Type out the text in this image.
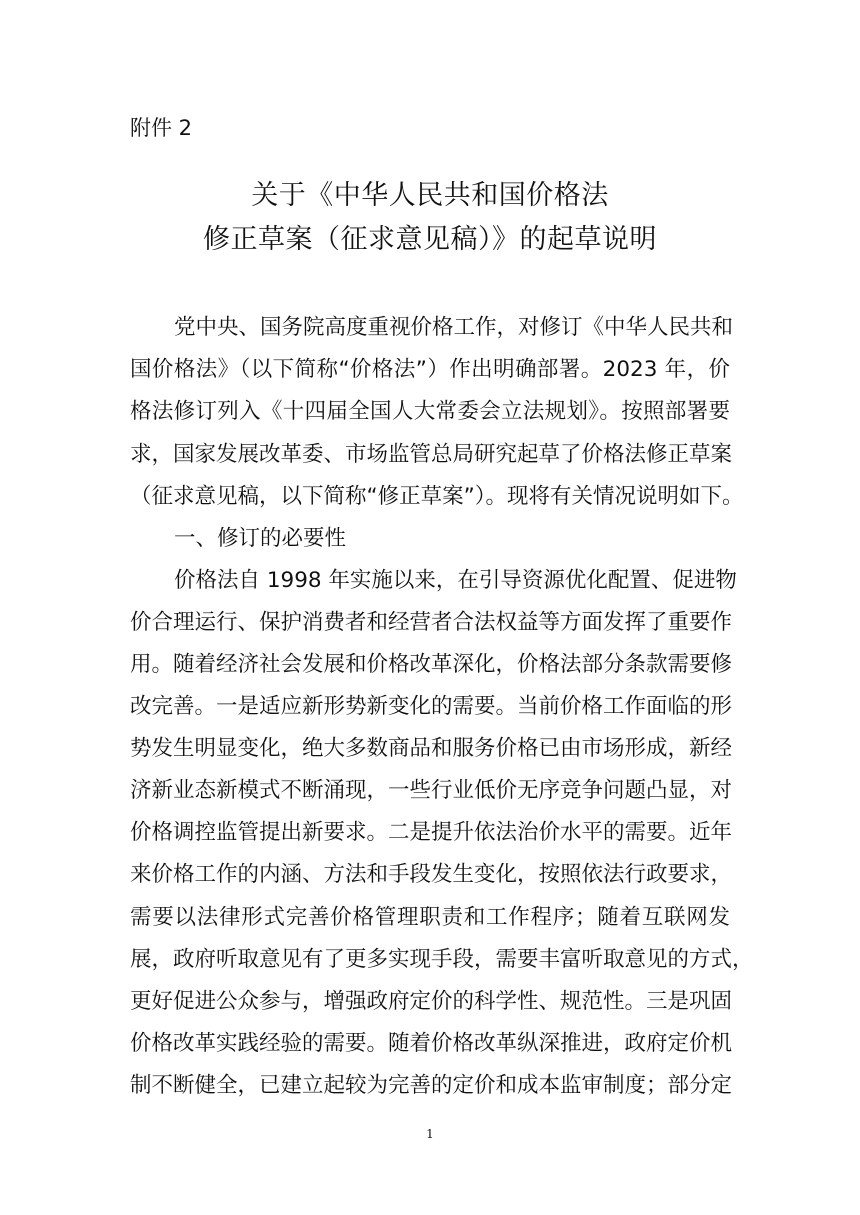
附件 2
关于《中华人民共和国价格法
修正草案（征求意见稿）》的起草说明
党中央、国务院高度重视价格工作，对修订《中华人民共和
国价格法》（以下简称“价格法”）作出明确部署。2023 年，价
格法修订列入《十四届全国人大常委会立法规划》。按照部署要
求，国家发展改革委、市场监管总局研究起草了价格法修正草案
（征求意见稿，以下简称“修正草案”）。现将有关情况说明如下。
一、修订的必要性
价格法自 1998 年实施以来，在引导资源优化配置、促进物
价合理运行、保护消费者和经营者合法权益等方面发挥了重要作
用。随着经济社会发展和价格改革深化，价格法部分条款需要修
改完善。一是适应新形势新变化的需要。当前价格工作面临的形
势发生明显变化，绝大多数商品和服务价格已由市场形成，新经
济新业态新模式不断涌现，一些行业低价无序竞争问题凸显，对
价格调控监管提出新要求。二是提升依法治价水平的需要。近年
来价格工作的内涵、方法和手段发生变化，按照依法行政要求，
需要以法律形式完善价格管理职责和工作程序；随着互联网发
展，政府听取意见有了更多实现手段，需要丰富听取意见的方式，
更好促进公众参与，增强政府定价的科学性、规范性。三是巩固
价格改革实践经验的需要。随着价格改革纵深推进，政府定价机
制不断健全，已建立起较为完善的定价和成本监审制度；部分定
1
